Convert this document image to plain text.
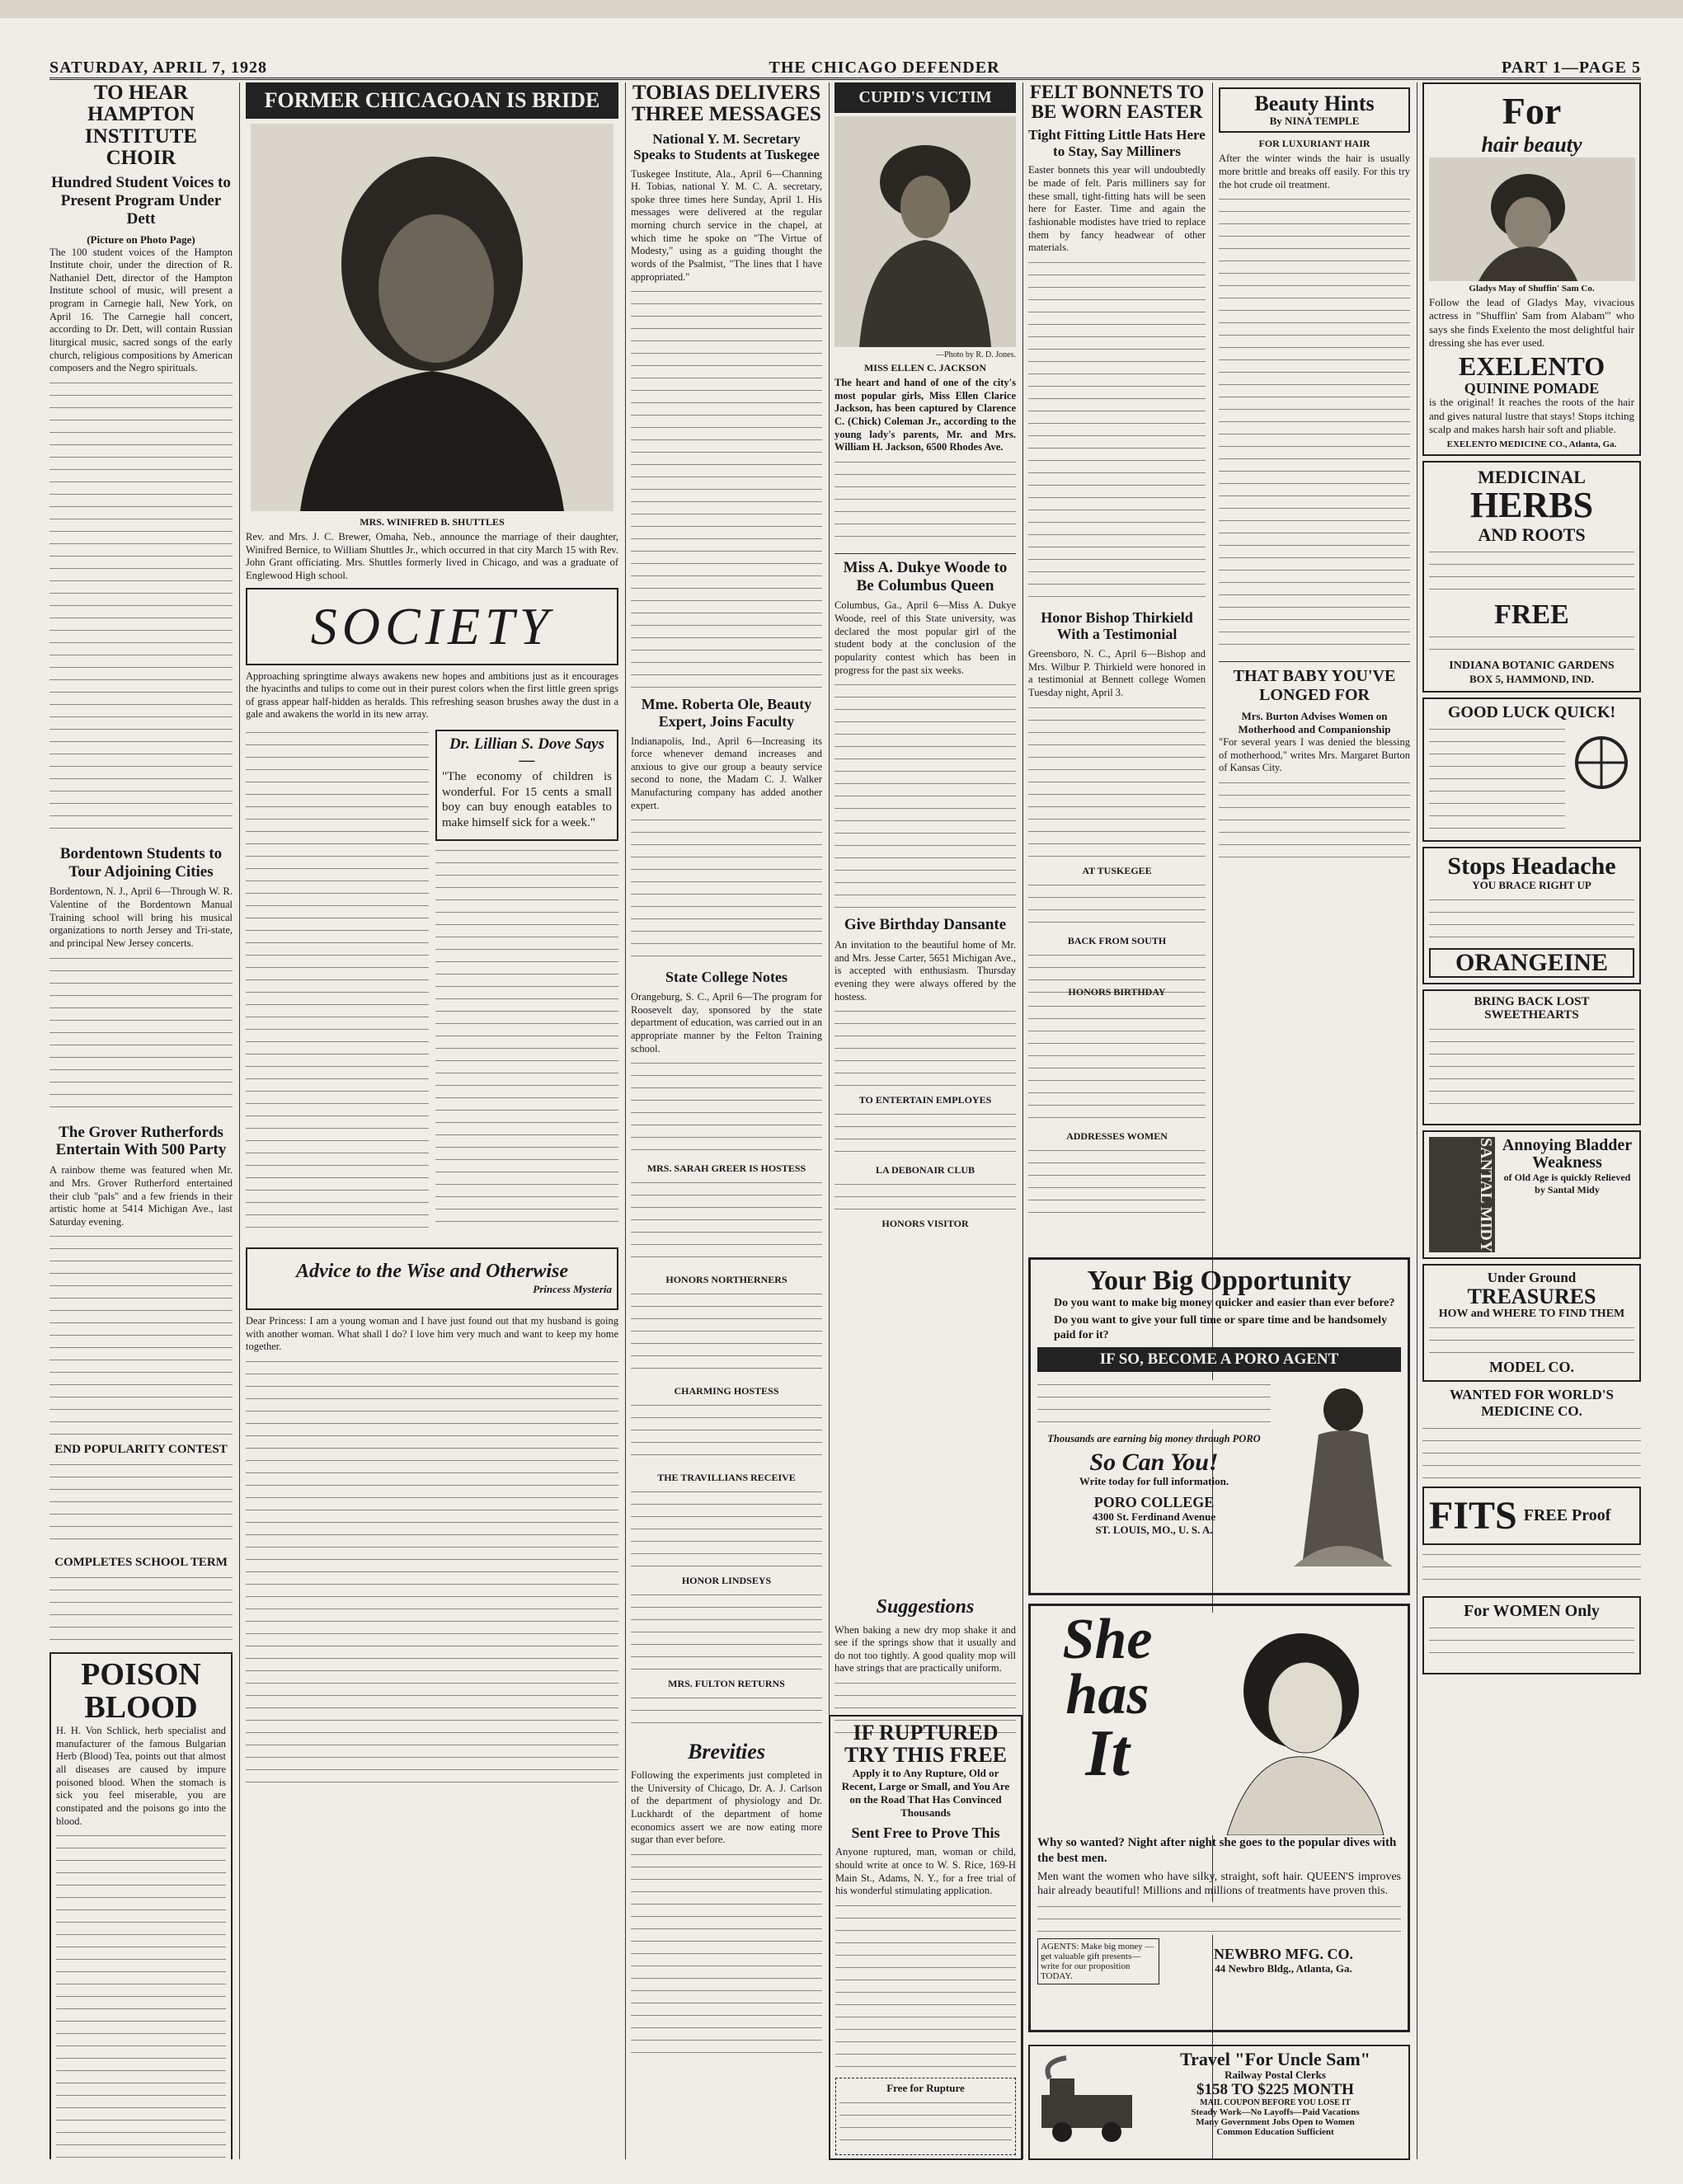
SATURDAY, APRIL 7, 1928	THE CHICAGO DEFENDER	PART 1—PAGE 5
TO HEAR HAMPTON INSTITUTE CHOIR
Hundred Student Voices to Present Program Under Dett
(Picture on Photo Page)

The 100 student voices of the Hampton Institute choir, under the direction of R. Nathaniel Dett, director of the Hampton Institute school of music, will present a program in Carnegie hall, New York, on April 16. The Carnegie hall concert, according to Dr. Dett, will contain Russian liturgical music, sacred songs of the early church, religious compositions by American composers and the Negro spirituals.

Bordentown Students to Tour Adjoining Cities

Bordentown, N. J., April 6—Through W. R. Valentine of the Bordentown Manual Training school will bring his musical organizations to north Jersey and Tri-state, and principal New Jersey concerts.

The Grover Rutherfords Entertain With 500 Party

A rainbow theme was featured when Mr. and Mrs. Grover Rutherford entertained their club "pals" and a few friends in their artistic home at 5414 Michigan Ave., last Saturday evening.

END POPULARITY CONTEST
COMPLETES SCHOOL TERM
POISON BLOOD

H. H. Von Schlick, herb specialist and manufacturer of the famous Bulgarian Herb (Blood) Tea, points out that almost all diseases are caused by impure poisoned blood. When the stomach is sick you feel miserable, you are constipated and the poisons go into the blood.

FORMER CHICAGOAN IS BRIDE
MRS. WINIFRED B. SHUTTLES

Rev. and Mrs. J. C. Brewer, Omaha, Neb., announce the marriage of their daughter, Winifred Bernice, to William Shuttles Jr., which occurred in that city March 15 with Rev. John Grant officiating. Mrs. Shuttles formerly lived in Chicago, and was a graduate of Englewood High school.

SOCIETY

Approaching springtime always awakens new hopes and ambitions just as it encourages the hyacinths and tulips to come out in their purest colors when the first little green sprigs of grass appear half-hidden as heralds. This refreshing season brushes away the dust in a gale and awakens the world in its new array.

Dr. Lillian S. Dove Says—

"The economy of children is wonderful. For 15 cents a small boy can buy enough eatables to make himself sick for a week."

Advice to the Wise and Otherwise
Princess Mysteria

Dear Princess: I am a young woman and I have just found out that my husband is going with another woman. What shall I do? I love him very much and want to keep my home together.

TOBIAS DELIVERS THREE MESSAGES
National Y. M. Secretary Speaks to Students at Tuskegee

Tuskegee Institute, Ala., April 6—Channing H. Tobias, national Y. M. C. A. secretary, spoke three times here Sunday, April 1. His messages were delivered at the regular morning church service in the chapel, at which time he spoke on "The Virtue of Modesty," using as a guiding thought the words of the Psalmist, "The lines that I have appropriated."

Mme. Roberta Ole, Beauty Expert, Joins Faculty

Indianapolis, Ind., April 6—Increasing its force whenever demand increases and anxious to give our group a beauty service second to none, the Madam C. J. Walker Manufacturing company has added another expert.

State College Notes

Orangeburg, S. C., April 6—The program for Roosevelt day, sponsored by the state department of education, was carried out in an appropriate manner by the Felton Training school.

MRS. SARAH GREER IS HOSTESS
HONORS NORTHERNERS
CHARMING HOSTESS
THE TRAVILLIANS RECEIVE
HONOR LINDSEYS
MRS. FULTON RETURNS
Brevities

Following the experiments just completed in the University of Chicago, Dr. A. J. Carlson of the department of physiology and Dr. Luckhardt of the department of home economics assert we are now eating more sugar than ever before.

CUPID'S VICTIM
—Photo by R. D. Jones.
MISS ELLEN C. JACKSON

The heart and hand of one of the city's most popular girls, Miss Ellen Clarice Jackson, has been captured by Clarence C. (Chick) Coleman Jr., according to the young lady's parents, Mr. and Mrs. William H. Jackson, 6500 Rhodes Ave.

Miss A. Dukye Woode to Be Columbus Queen

Columbus, Ga., April 6—Miss A. Dukye Woode, reel of this State university, was declared the most popular girl of the student body at the conclusion of the popularity contest which has been in progress for the past six weeks.

Give Birthday Dansante

An invitation to the beautiful home of Mr. and Mrs. Jesse Carter, 5651 Michigan Ave., is accepted with enthusiasm. Thursday evening they were always offered by the hostess.

TO ENTERTAIN EMPLOYES
LA DEBONAIR CLUB
HONORS VISITOR
FELT BONNETS TO BE WORN EASTER
Tight Fitting Little Hats Here to Stay, Say Milliners

Easter bonnets this year will undoubtedly be made of felt. Paris milliners say for these small, tight-fitting hats will be seen here for Easter. Time and again the fashionable modistes have tried to replace them by fancy headwear of other materials.

Honor Bishop Thirkield With a Testimonial

Greensboro, N. C., April 6—Bishop and Mrs. Wilbur P. Thirkield were honored in a testimonial at Bennett college Women Tuesday night, April 3.

AT TUSKEGEE
BACK FROM SOUTH
Beauty Hints
By NINA TEMPLE
FOR LUXURIANT HAIR

After the winter winds the hair is usually more brittle and breaks off easily. For this try the hot crude oil treatment.

THAT BABY YOU'VE LONGED FOR
Mrs. Burton Advises Women on Motherhood and Companionship

"For several years I was denied the blessing of motherhood," writes Mrs. Margaret Burton of Kansas City.

HONORS BIRTHDAY
ADDRESSES WOMEN
Your Big Opportunity

Do you want to make big money quicker and easier than ever before?

Do you want to give your full time or spare time and be handsomely paid for it?

IF SO, BECOME A PORO AGENT

Thousands are earning big money through PORO

So Can You!
Write today for full information.
PORO COLLEGE
4300 St. Ferdinand Avenue
ST. LOUIS, MO., U. S. A.
Suggestions

When baking a new dry mop shake it and see if the springs show that it usually and do not too tightly. A good quality mop will have strings that are practically uniform.

IF RUPTURED TRY THIS FREE
Apply it to Any Rupture, Old or Recent, Large or Small, and You Are on the Road That Has Convinced Thousands
Sent Free to Prove This

Anyone ruptured, man, woman or child, should write at once to W. S. Rice, 169-H Main St., Adams, N. Y., for a free trial of his wonderful stimulating application.

Free for Rupture
She
has
It

Why so wanted? Night after night she goes to the popular dives with the best men.

Men want the women who have silky, straight, soft hair. QUEEN'S improves hair already beautiful! Millions and millions of treatments have proven this.

AGENTS: Make big money — get valuable gift presents—write for our proposition TODAY.
NEWBRO MFG. CO.
44 Newbro Bldg., Atlanta, Ga.
Travel "For Uncle Sam"
Railway Postal Clerks
$158 TO $225 MONTH
MAIL COUPON BEFORE YOU LOSE IT
Steady Work—No Layoffs—Paid Vacations
Many Government Jobs Open to Women
Common Education Sufficient
For
hair beauty
Gladys May of Shuffin' Sam Co.

Follow the lead of Gladys May, vivacious actress in "Shufflin' Sam from Alabam'" who says she finds Exelento the most delightful hair dressing she has ever used.

EXELENTO
QUININE POMADE

is the original! It reaches the roots of the hair and gives natural lustre that stays! Stops itching scalp and makes harsh hair soft and pliable.

EXELENTO MEDICINE CO., Atlanta, Ga.
MEDICINAL
HERBS
AND ROOTS
FREE
INDIANA BOTANIC GARDENS
BOX 5, HAMMOND, IND.
GOOD LUCK QUICK!
Stops Headache
YOU BRACE RIGHT UP
ORANGEINE
BRING BACK LOST SWEETHEARTS
SANTAL MIDY Annoying Bladder Weakness
of Old Age is quickly Relieved by Santal Midy
Under Ground
TREASURES
HOW and WHERE TO FIND THEM
MODEL CO.
WANTED FOR WORLD'S MEDICINE CO.
FITS FREE Proof
For WOMEN Only
